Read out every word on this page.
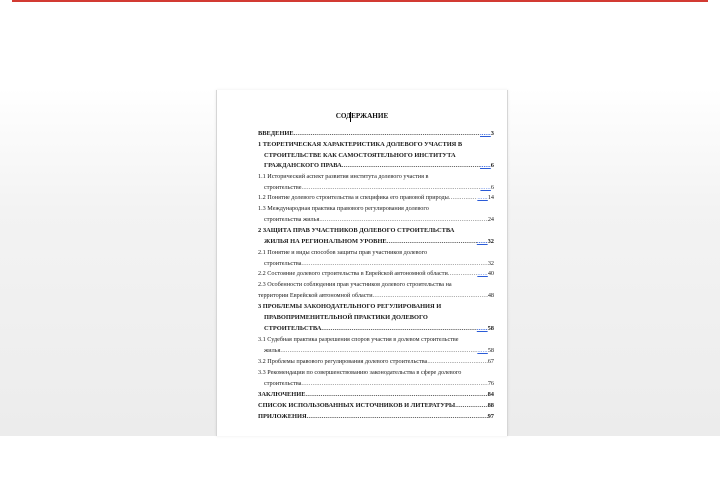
СОДЕРЖАНИЕ
ВВЕДЕНИЕ .....	...... 3
1 ТЕОРЕТИЧЕСКАЯ ХАРАКТЕРИСТИКА ДОЛЕВОГО УЧАСТИЯ В
СТРОИТЕЛЬСТВЕ КАК САМОСТОЯТЕЛЬНОГО ИНСТИТУТА
ГРАЖДАНСКОГО ПРАВА .....	...... 6
1.1 Исторический аспект развития института долевого участия в
строительстве .....	...... 6
1.2 Понятие долевого строительства и специфика его правовой природы .....	...... 14
1.3 Международная практика правового регулирования долевого
строительства жилья .....	24
2 ЗАЩИТА ПРАВ УЧАСТНИКОВ ДОЛЕВОГО СТРОИТЕЛЬСТВА
ЖИЛЬЯ НА РЕГИОНАЛЬНОМ УРОВНЕ .....	...... 32
2.1 Понятие и виды способов защиты прав участников долевого
строительства .....	32
2.2 Состояние долевого строительства в Еврейской автономной области .....	...... 40
2.3 Особенности соблюдения прав участников долевого строительства на
территории Еврейской автономной области .....	48
3 ПРОБЛЕМЫ ЗАКОНОДАТЕЛЬНОГО РЕГУЛИРОВАНИЯ И
ПРАВОПРИМЕНИТЕЛЬНОЙ ПРАКТИКИ ДОЛЕВОГО
СТРОИТЕЛЬСТВА .....	...... 58
3.1 Судебная практика разрешения споров участия в долевом строительстве
жилья .....	...... 58
3.2 Проблемы правового регулирования долевого строительства .....	67
3.3 Рекомендации по совершенствованию законодательства в сфере долевого
строительства .....	76
ЗАКЛЮЧЕНИЕ .....	84
СПИСОК ИСПОЛЬЗОВАННЫХ ИСТОЧНИКОВ И ЛИТЕРАТУРЫ .....	88
ПРИЛОЖЕНИЯ .....	97
